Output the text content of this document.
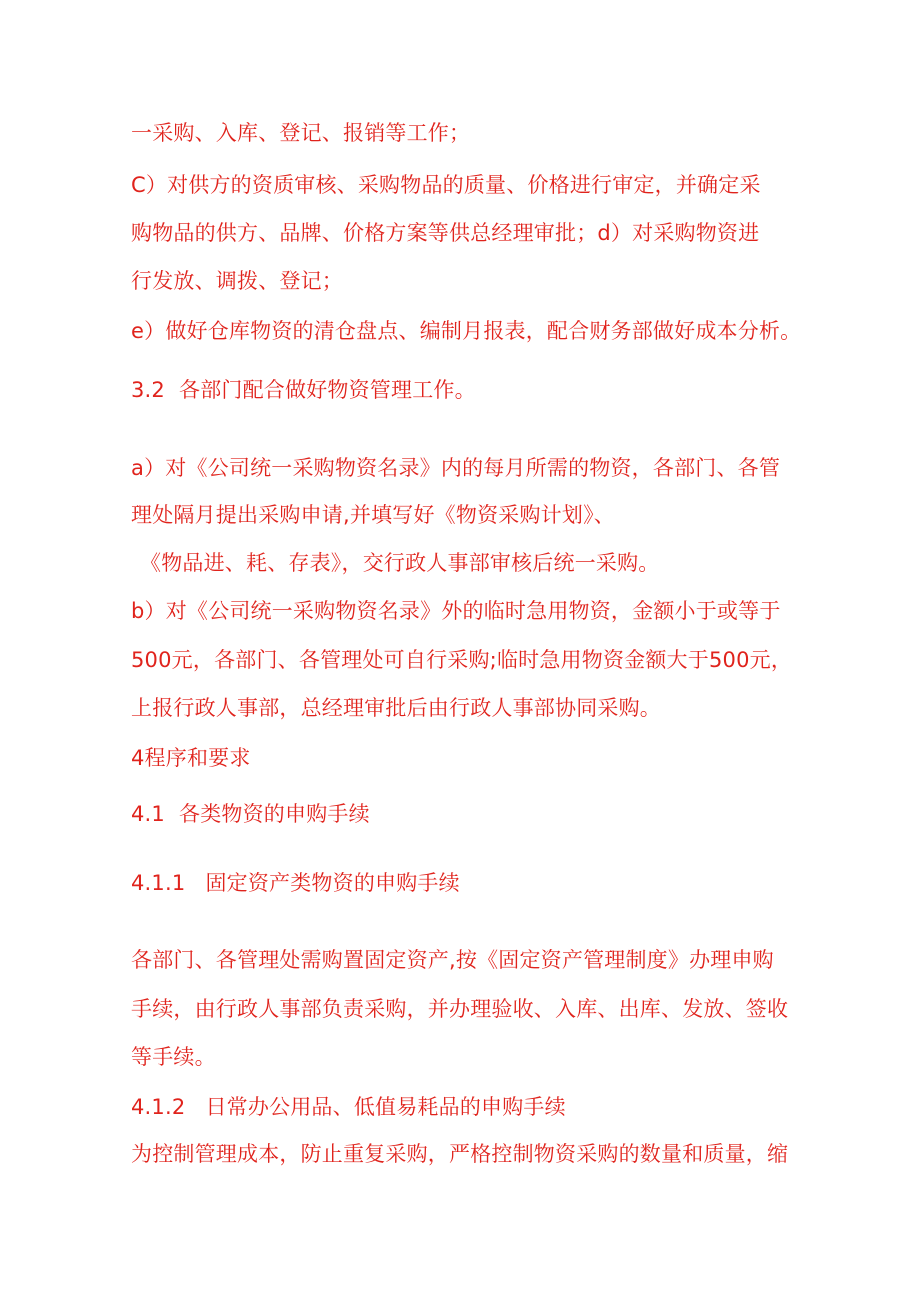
一采购、入库、登记、报销等工作；
C）对供方的资质审核、采购物品的质量、价格进行审定，并确定采
购物品的供方、品牌、价格方案等供总经理审批；d）对采购物资进
行发放、调拨、登记；
e）做好仓库物资的清仓盘点、编制月报表，配合财务部做好成本分析。
3.2 各部门配合做好物资管理工作。
a）对《公司统一采购物资名录》内的每月所需的物资，各部门、各管
理处隔月提出采购申请,并填写好《物资采购计划》、
《物品进、耗、存表》，交行政人事部审核后统一采购。
b）对《公司统一采购物资名录》外的临时急用物资，金额小于或等于
500元，各部门、各管理处可自行采购;临时急用物资金额大于500元，
上报行政人事部，总经理审批后由行政人事部协同采购。
4程序和要求
4.1 各类物资的申购手续
4.1.1 固定资产类物资的申购手续
各部门、各管理处需购置固定资产,按《固定资产管理制度》办理申购
手续，由行政人事部负责采购，并办理验收、入库、出库、发放、签收
等手续。
4.1.2 日常办公用品、低值易耗品的申购手续
为控制管理成本，防止重复采购，严格控制物资采购的数量和质量，缩
